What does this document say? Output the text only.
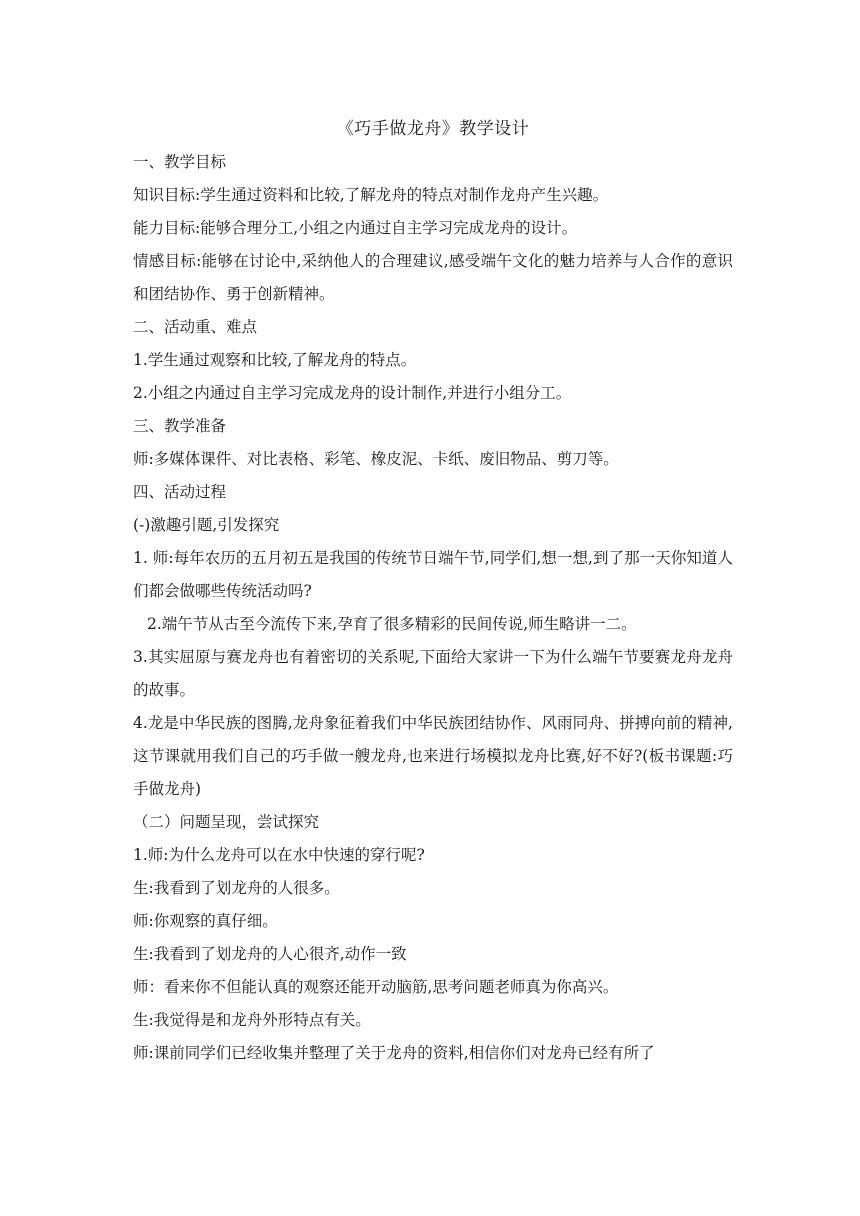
《巧手做龙舟》教学设计

一、教学目标

知识目标:学生通过资料和比较,了解龙舟的特点对制作龙舟产生兴趣。

能力目标:能够合理分工,小组之内通过自主学习完成龙舟的设计。

情感目标:能够在讨论中,采纳他人的合理建议,感受端午文化的魅力培养与人合作的意识和团结协作、勇于创新精神。

二、活动重、难点

1.学生通过观察和比较,了解龙舟的特点。

2.小组之内通过自主学习完成龙舟的设计制作,并进行小组分工。

三、教学准备

师:多媒体课件、对比表格、彩笔、橡皮泥、卡纸、废旧物品、剪刀等。

四、活动过程

(-)激趣引题,引发探究

1. 师:每年农历的五月初五是我国的传统节日端午节,同学们,想一想,到了那一天你知道人们都会做哪些传统活动吗?

2.端午节从古至今流传下来,孕育了很多精彩的民间传说,师生略讲一二。

3.其实屈原与赛龙舟也有着密切的关系呢,下面给大家讲一下为什么端午节要赛龙舟龙舟的故事。

4.龙是中华民族的图腾,龙舟象征着我们中华民族团结协作、风雨同舟、拼搏向前的精神,这节课就用我们自己的巧手做一艘龙舟,也来进行场模拟龙舟比赛,好不好?(板书课题:巧手做龙舟)

（二）问题呈现，尝试探究

1.师:为什么龙舟可以在水中快速的穿行呢?

生:我看到了划龙舟的人很多。

师:你观察的真仔细。

生:我看到了划龙舟的人心很齐,动作一致

师：看来你不但能认真的观察还能开动脑筋,思考问题老师真为你高兴。

生:我觉得是和龙舟外形特点有关。

师:课前同学们已经收集并整理了关于龙舟的资料,相信你们对龙舟已经有所了
